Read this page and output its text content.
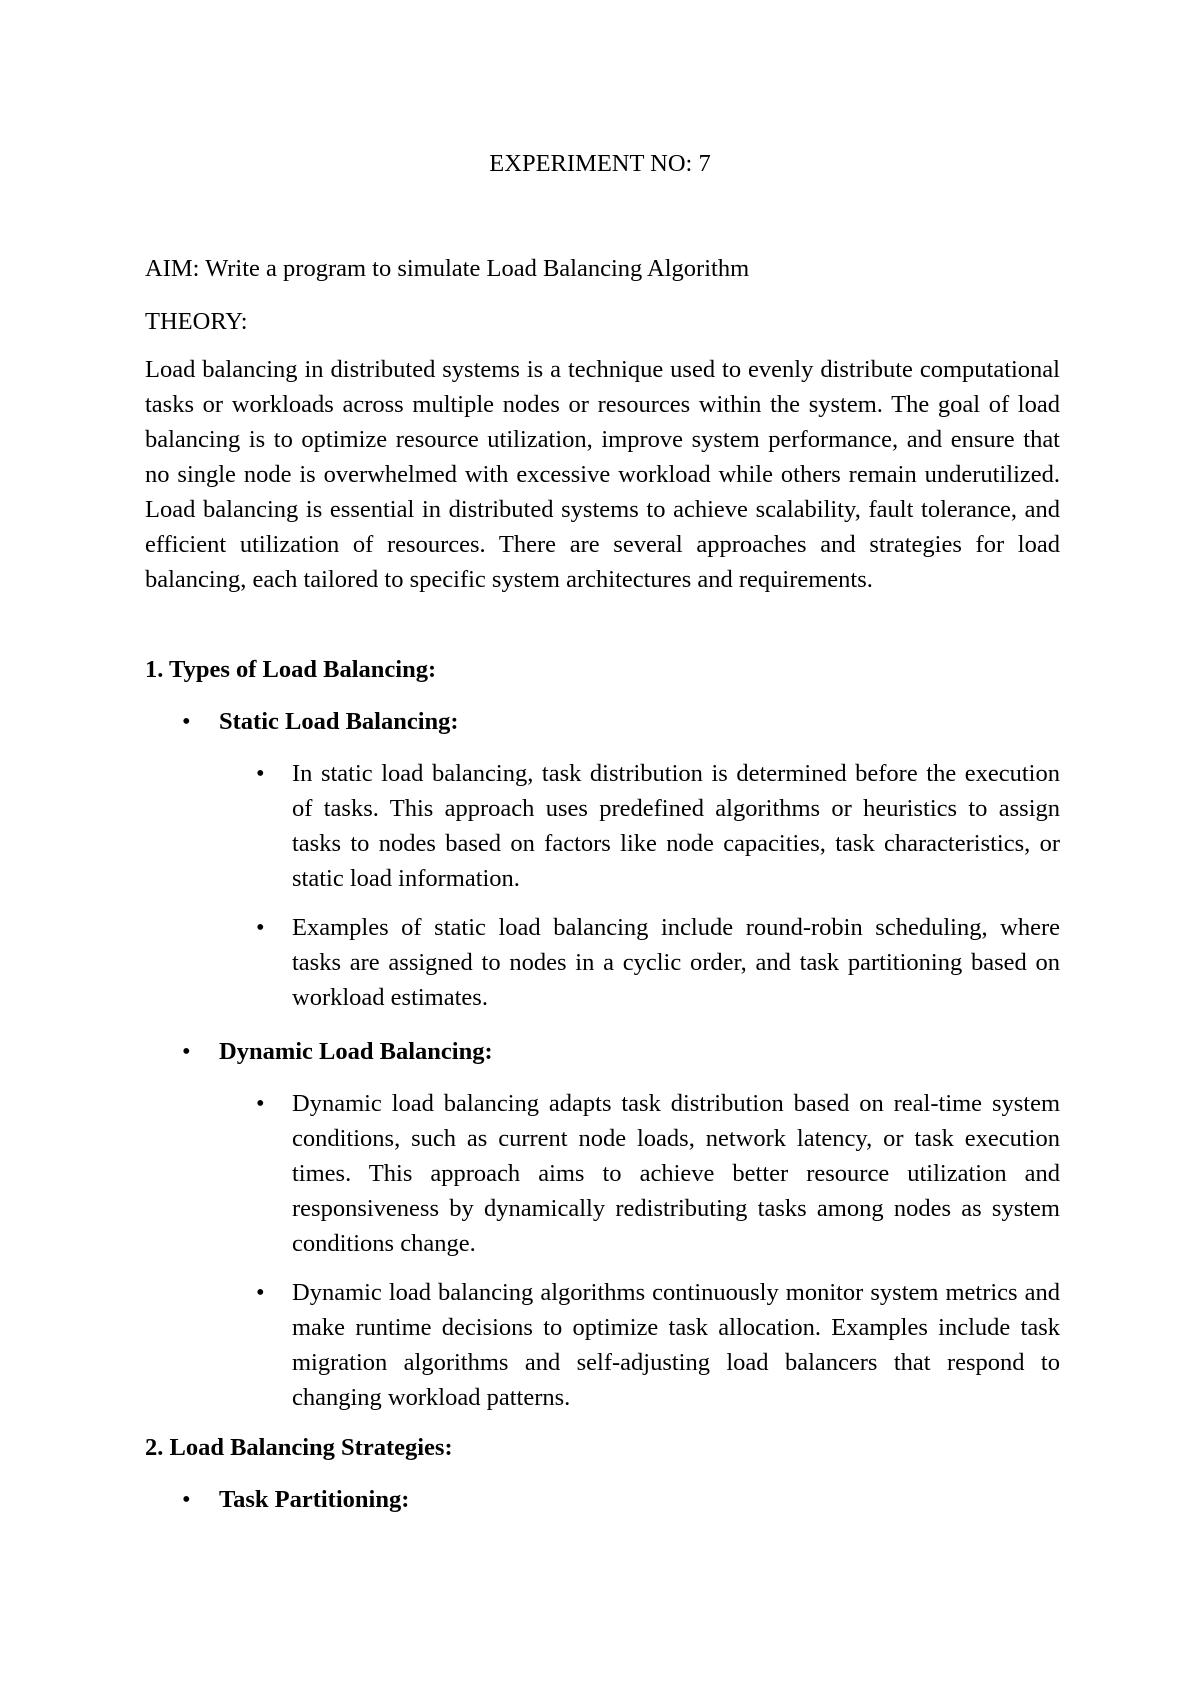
EXPERIMENT NO: 7
AIM: Write a program to simulate Load Balancing Algorithm
THEORY:
Load balancing in distributed systems is a technique used to evenly distribute computational tasks or workloads across multiple nodes or resources within the system. The goal of load balancing is to optimize resource utilization, improve system performance, and ensure that no single node is overwhelmed with excessive workload while others remain underutilized. Load balancing is essential in distributed systems to achieve scalability, fault tolerance, and efficient utilization of resources. There are several approaches and strategies for load balancing, each tailored to specific system architectures and requirements.
1. Types of Load Balancing:
• Static Load Balancing:
• In static load balancing, task distribution is determined before the execution of tasks. This approach uses predefined algorithms or heuristics to assign tasks to nodes based on factors like node capacities, task characteristics, or static load information.
• Examples of static load balancing include round-robin scheduling, where tasks are assigned to nodes in a cyclic order, and task partitioning based on workload estimates.
• Dynamic Load Balancing:
• Dynamic load balancing adapts task distribution based on real-time system conditions, such as current node loads, network latency, or task execution times. This approach aims to achieve better resource utilization and responsiveness by dynamically redistributing tasks among nodes as system conditions change.
• Dynamic load balancing algorithms continuously monitor system metrics and make runtime decisions to optimize task allocation. Examples include task migration algorithms and self-adjusting load balancers that respond to changing workload patterns.
2. Load Balancing Strategies:
• Task Partitioning:
